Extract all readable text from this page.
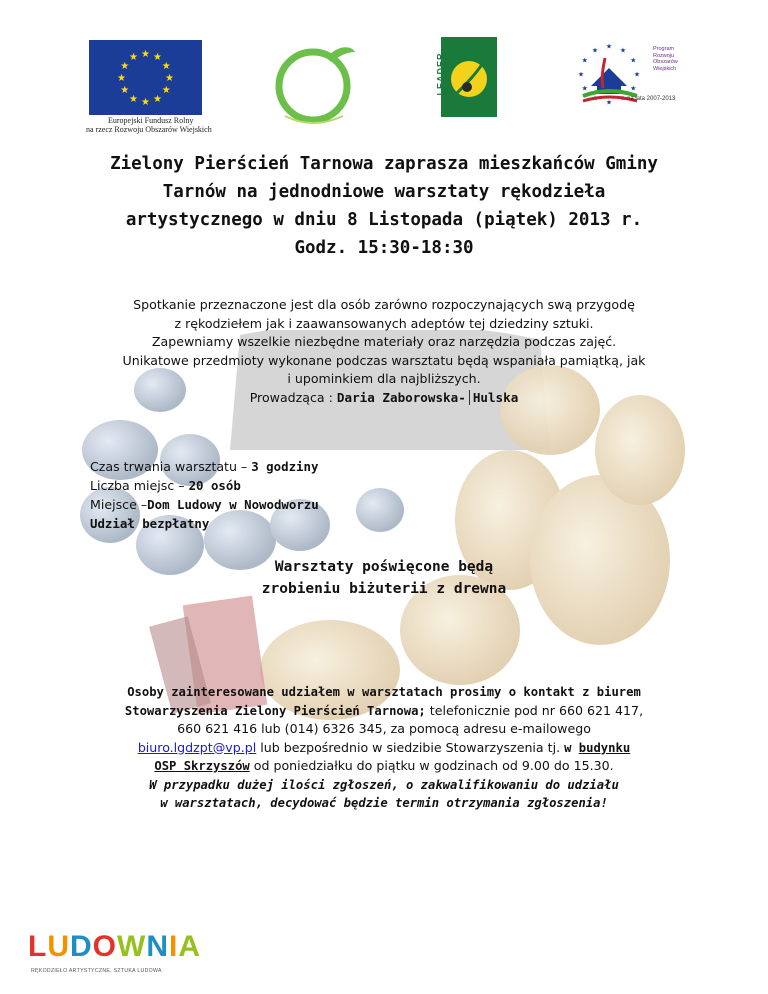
★ ★
★
★
★
★
★
★
★
★
★
★
Europejski Fundusz Rolny
na rzecz Rozwoju Obszarów Wiejskich
LEADER
★ ★
★
★
★
★
★
★
★
★
★
★	Program
Rozwoju
Obszarów
Wiejskich
na lata 2007-2013
Zielony Pierścień Tarnowa zaprasza mieszkańców Gminy
Tarnów na jednodniowe warsztaty rękodzieła
artystycznego w dniu 8 Listopada (piątek) 2013 r.
Godz. 15:30-18:30
Spotkanie przeznaczone jest dla osób zarówno rozpoczynających swą przygodę
z rękodziełem jak i zaawansowanych adeptów tej dziedziny sztuki.
Zapewniamy wszelkie niezbędne materiały oraz narzędzia podczas zajęć.
Unikatowe przedmioty wykonane podczas warsztatu będą wspaniała pamiątką, jak
i upominkiem dla najbliższych.
Prowadząca : Daria Zaborowska- Hulska
Czas trwania warsztatu – 3 godziny
Liczba miejsc – 20 osób
Miejsce –Dom Ludowy w Nowodworzu
Udział bezpłatny
Warsztaty poświęcone będą
zrobieniu biżuterii z drewna
Osoby zainteresowane udziałem w warsztatach prosimy o kontakt z biurem
Stowarzyszenia Zielony Pierścień Tarnowa; telefonicznie pod nr 660 621 417,
660 621 416 lub (014) 6326 345, za pomocą adresu e-mailowego
biuro.lgdzpt@vp.pl lub bezpośrednio w siedzibie Stowarzyszenia tj. w budynku
OSP Skrzyszów od poniedziałku do piątku w godzinach od 9.00 do 15.30.
W przypadku dużej ilości zgłoszeń, o zakwalifikowaniu do udziału
w warsztatach, decydować będzie termin otrzymania zgłoszenia!
LUDOWNIA
RĘKODZIEŁO ARTYSTYCZNE, SZTUKA LUDOWA
